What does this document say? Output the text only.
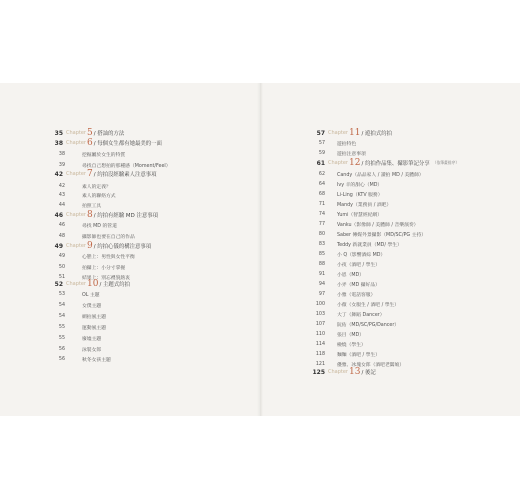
35 Chapter 5 / 搭訕的方法
38 Chapter 6 / 每個女生都有她最美的一面
38	挖掘屬於女生的特質
39	尋找自己想拍的那種感（Moment/Feel）
42 Chapter 7 / 約拍沒經驗素人注意事項
42	素人的定義？
43	素人的聯絡方式
44	拍照工具
46 Chapter 8 / 約拍有經驗 MD 注意事項
46	尋找 MD 的管道
48	攝影師也要在自己的作品
49 Chapter 9 / 約拍心儀的構注意事項
49	心態上：男性與女性平衡
50	拍攝上：小分寸掌握
51	結果上：別忘禮貌熱衷
52 Chapter 10 / 主題式約拍
53	OL 主題
54	女僕主題
54	網拍風主題
55	運動風主題
55	廢墟主題
56	泳裝女郎
56	秋冬女孩主題
57 Chapter 11 / 遊拍式約拍
57	遊拍特色
59	遊拍注意事項
61 Chapter 12 / 約拍作品集、攝影筆記分享 （依筆畫排序）
62	Candy（品品家人 / 讀拍 MD / 美體師）
64	Ivy 羊的甜心（MD）
68	Li-Ling（KTV 服務）
71	Mandy（業務員 / 酒吧）
74	Yumi（智慧經紀網）
77	Vanku（影像師 / 美體師 / 音樂演奏）
80	Saber 傳媒外景攝影（MD/SC/PG 主持）
83	Teddy 新就業員（MD/ 學生）
85	小 Q（影響酒綜 MD）
88	小夜（酒吧 / 學生）
91	小恩（MD）
94	小弄（MD 攝好品）
97	小雅（電話客服）
100	小薇（女服生 / 酒吧 / 學生）
103	大丁（舞蹈 Dancer）
107	阮佑（MD/SC/PG/Dancer）
110	張目（MD）
114	檢燒（學生）
118	麵麵（酒吧 / 學生）
121	優雅、冰塊女郎（酒吧老闆娘）
125 Chapter 13 / 後記
